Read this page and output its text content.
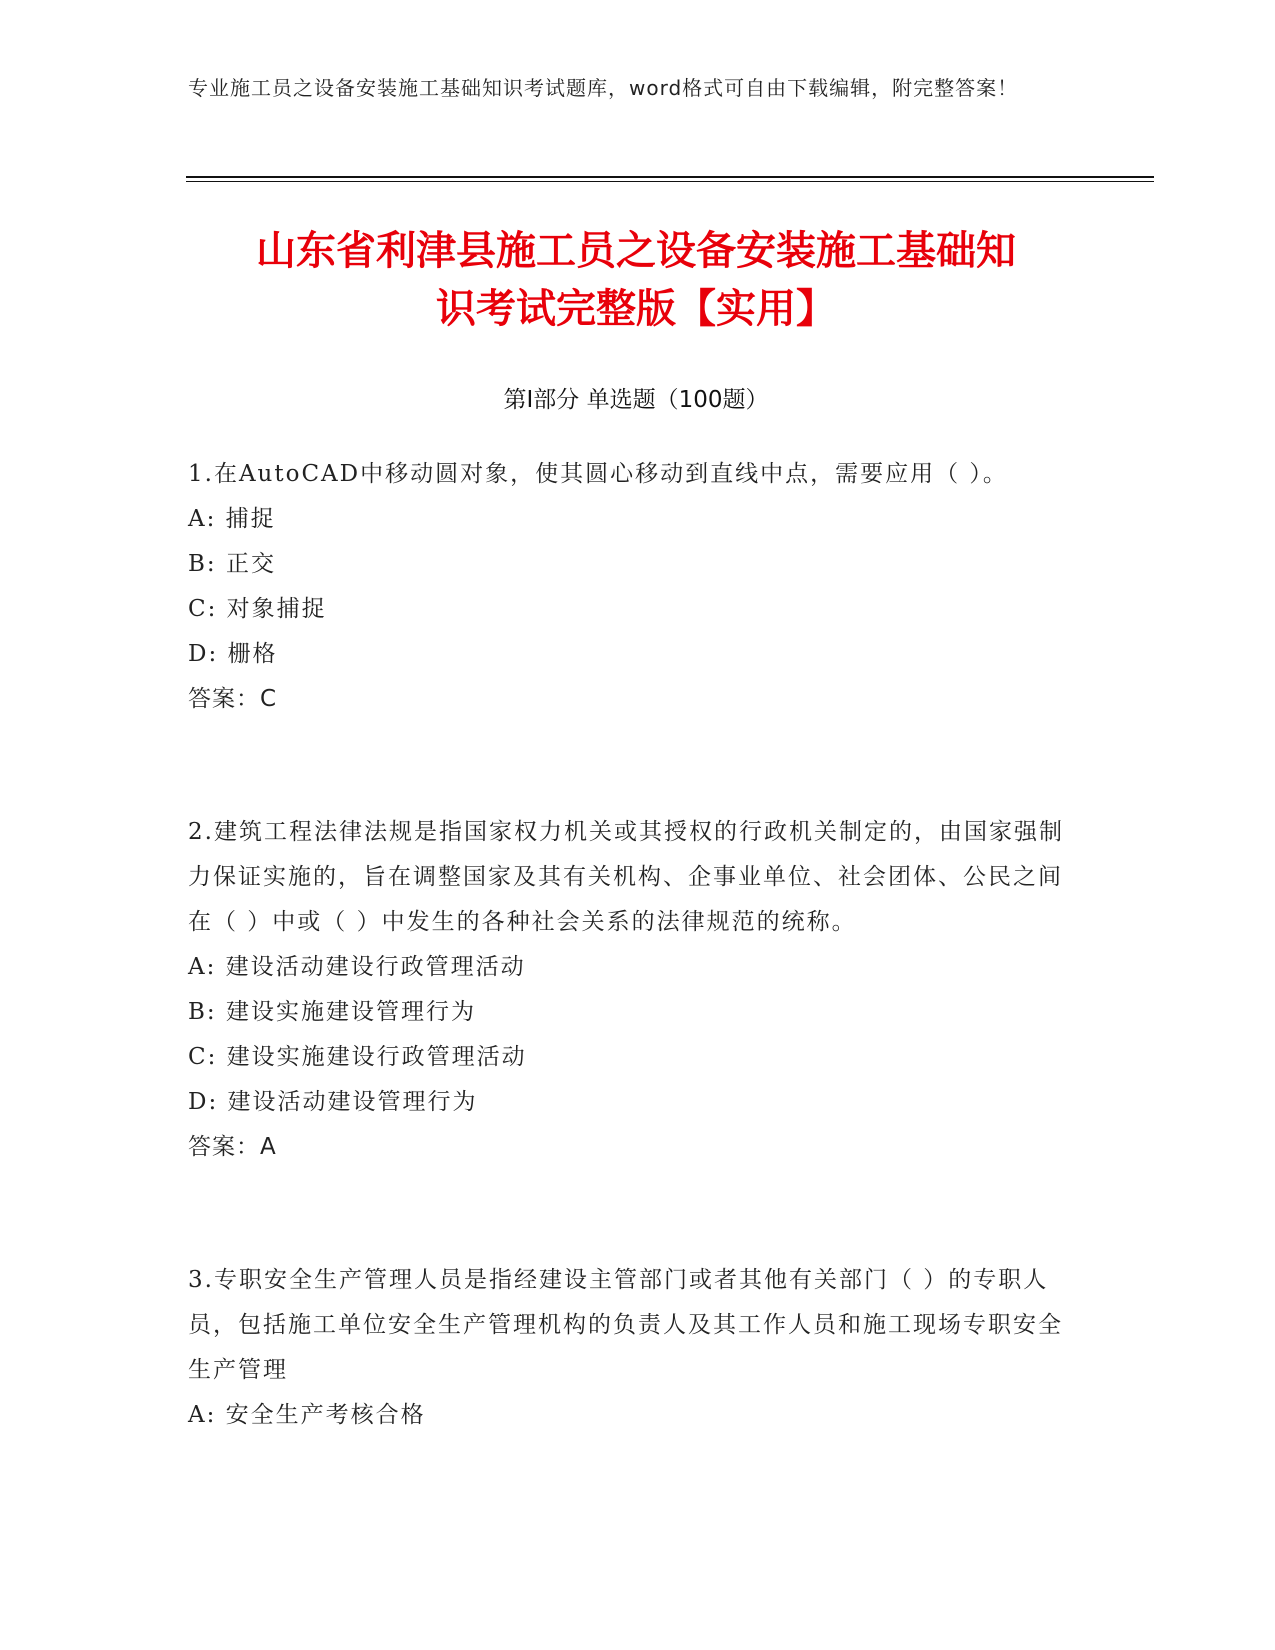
专业施工员之设备安装施工基础知识考试题库，word格式可自由下载编辑，附完整答案！
山东省利津县施工员之设备安装施工基础知
识考试完整版【实用】
第Ⅰ部分 单选题（100题）
1.在AutoCAD中移动圆对象，使其圆心移动到直线中点，需要应用（ ）。
A: 捕捉
B: 正交
C: 对象捕捉
D: 栅格
答案：C
2.建筑工程法律法规是指国家权力机关或其授权的行政机关制定的，由国家强制力保证实施的，旨在调整国家及其有关机构、企事业单位、社会团体、公民之间在（ ）中或（ ）中发生的各种社会关系的法律规范的统称。
A: 建设活动建设行政管理活动
B: 建设实施建设管理行为
C: 建设实施建设行政管理活动
D: 建设活动建设管理行为
答案：A
3.专职安全生产管理人员是指经建设主管部门或者其他有关部门（ ）的专职人员，包括施工单位安全生产管理机构的负责人及其工作人员和施工现场专职安全生产管理
A: 安全生产考核合格
